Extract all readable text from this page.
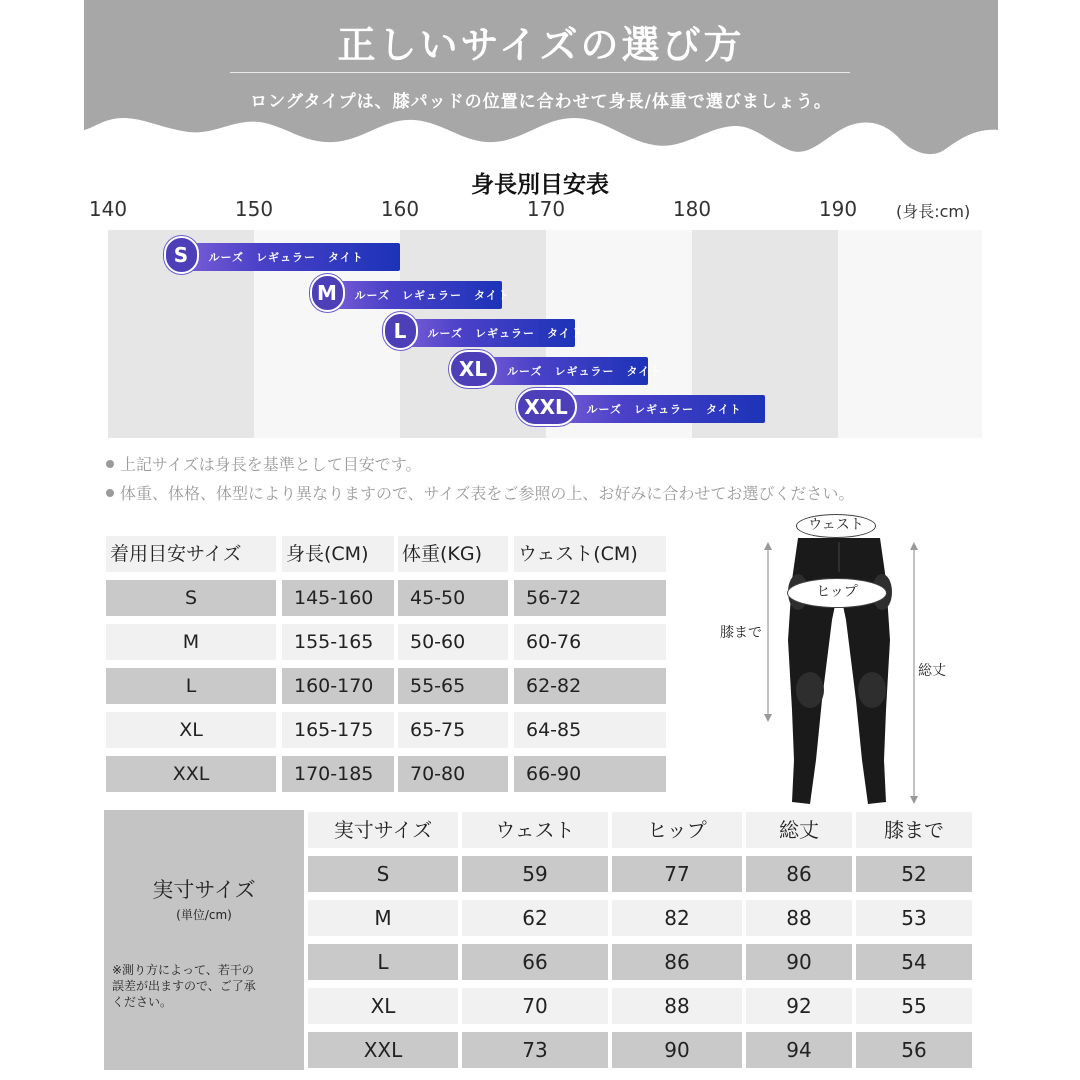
正しいサイズの選び方
ロングタイプは、膝パッドの位置に合わせて身長/体重で選びましょう。
身長別目安表
140	150	160	170	180	190	(身長:cm)
ルーズ　レギュラー　タイト
S
ルーズ　レギュラー　タイト
M
ルーズ　レギュラー　タイト
L
ルーズ　レギュラー　タイト
XL
ルーズ　レギュラー　タイト
XXL
上記サイズは身長を基準として目安です。
体重、体格、体型により異なりますので、サイズ表をご参照の上、お好みに合わせてお選びください。
着用目安サイズ	身長(CM)	体重(KG)	ウェスト(CM)
S	145-160	45-50	56-72
M	155-165	50-60	60-76
L	160-170	55-65	62-82
XL	165-175	65-75	64-85
XXL	170-185	70-80	66-90
ウェスト
ヒップ
膝まで
総丈
実寸サイズ
(単位/cm)
※測り方によって、若干の誤差が出ますので、ご了承ください。
実寸サイズ	ウェスト	ヒップ	総丈	膝まで
S	59	77	86	52
M	62	82	88	53
L	66	86	90	54
XL	70	88	92	55
XXL	73	90	94	56
